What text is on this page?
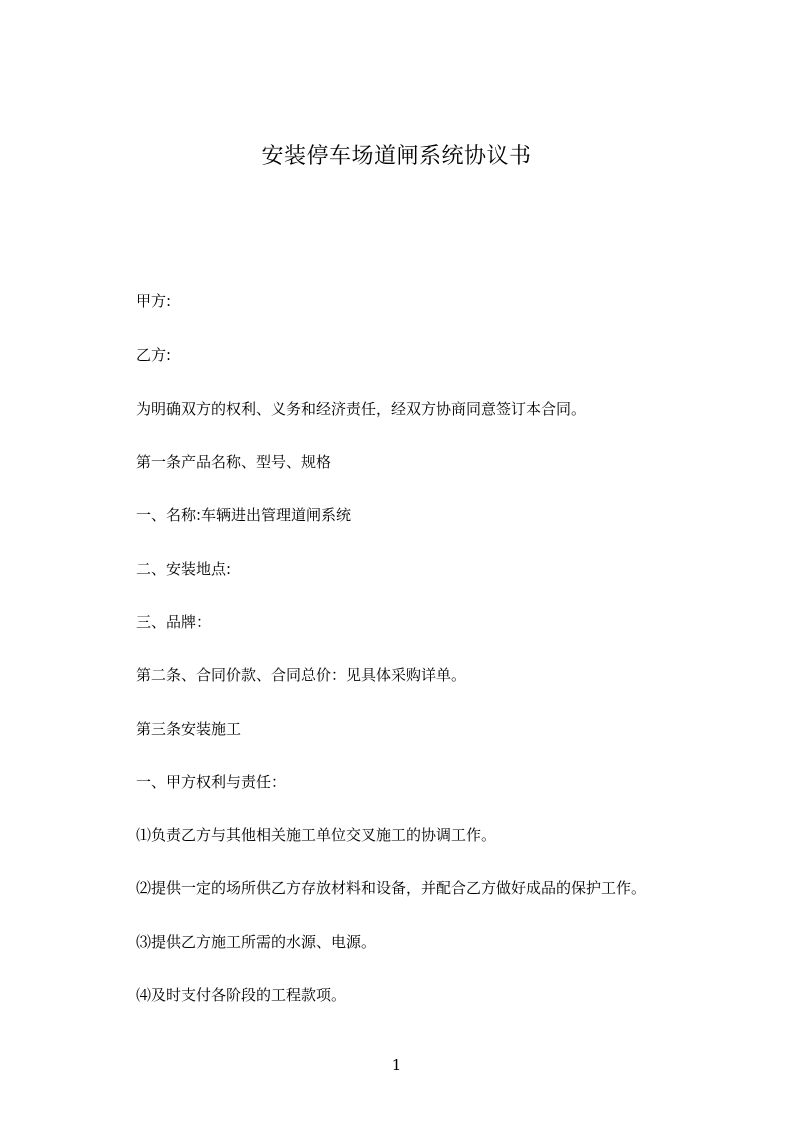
安装停车场道闸系统协议书
甲方:
乙方:
为明确双方的权利、义务和经济责任，经双方协商同意签订本合同。
第一条产品名称、型号、规格
一、名称:车辆进出管理道闸系统
二、安装地点:
三、品牌：
第二条、合同价款、合同总价：见具体采购详单。
第三条安装施工
一、甲方权利与责任：
⑴负责乙方与其他相关施工单位交叉施工的协调工作。
⑵提供一定的场所供乙方存放材料和设备，并配合乙方做好成品的保护工作。
⑶提供乙方施工所需的水源、电源。
⑷及时支付各阶段的工程款项。
1
